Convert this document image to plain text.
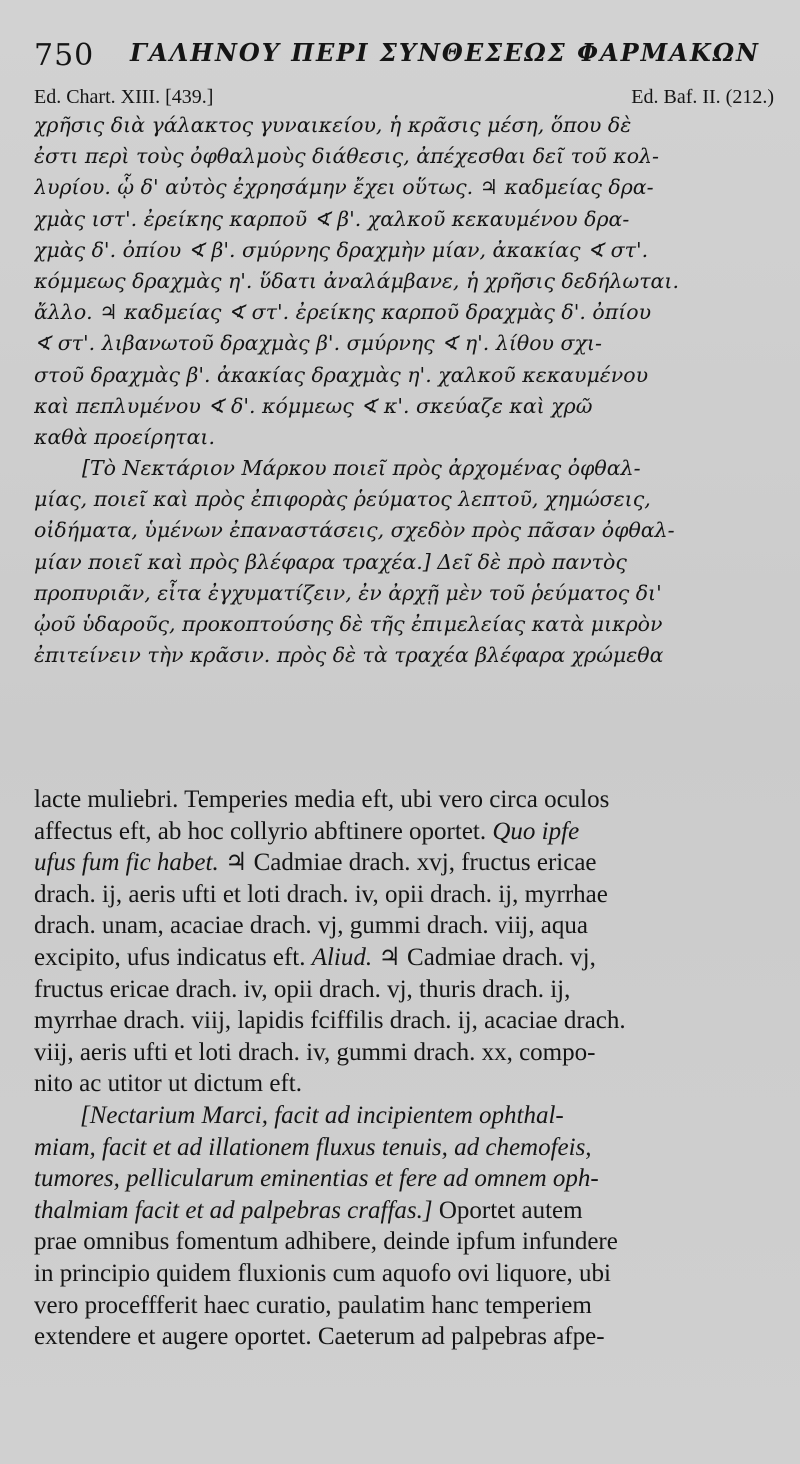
750 ΓΑΛΗΝΟΥ ΠΕΡΙ ΣΥΝΘΕΣΕΩΣ ΦΑΡΜΑΚΩΝ
Ed. Chart. XIII. [439.]	Ed. Baf. II. (212.)
χρῆσις διὰ γάλακτος γυναικείου, ἡ κρᾶσις μέση, ὅπου δὲ
ἐστι περὶ τοὺς ὀφθαλμοὺς διάθεσις, ἀπέχεσθαι δεῖ τοῦ κολ-
λυρίου. ᾧ δ' αὐτὸς ἐχρησάμην ἔχει οὕτως. ♃ καδμείας δρα-
χμὰς ιστ'. ἐρείκης καρποῦ ∢ β'. χαλκοῦ κεκαυμένου δρα-
χμὰς δ'. ὀπίου ∢ β'. σμύρνης δραχμὴν μίαν, ἀκακίας ∢ στ'.
κόμμεως δραχμὰς η'. ὕδατι ἀναλάμβανε, ἡ χρῆσις δεδήλωται.
ἄλλο. ♃ καδμείας ∢ στ'. ἐρείκης καρποῦ δραχμὰς δ'. ὀπίου
∢ στ'. λιβανωτοῦ δραχμὰς β'. σμύρνης ∢ η'. λίθου σχι-
στοῦ δραχμὰς β'. ἀκακίας δραχμὰς η'. χαλκοῦ κεκαυμένου
καὶ πεπλυμένου ∢ δ'. κόμμεως ∢ κ'. σκεύαζε καὶ χρῶ
καθὰ προείρηται.
[Τὸ Νεκτάριον Μάρκου ποιεῖ πρὸς ἀρχομένας ὀφθαλ-
μίας, ποιεῖ καὶ πρὸς ἐπιφορὰς ῥεύματος λεπτοῦ, χημώσεις,
οἰδήματα, ὑμένων ἐπαναστάσεις, σχεδὸν πρὸς πᾶσαν ὀφθαλ-
μίαν ποιεῖ καὶ πρὸς βλέφαρα τραχέα.] Δεῖ δὲ πρὸ παντὸς
προπυριᾶν, εἶτα ἐγχυματίζειν, ἐν ἀρχῇ μὲν τοῦ ῥεύματος δι'
ᾠοῦ ὑδαροῦς, προκοπτούσης δὲ τῆς ἐπιμελείας κατὰ μικρὸν
ἐπιτείνειν τὴν κρᾶσιν. πρὸς δὲ τὰ τραχέα βλέφαρα χρώμεθα
lacte muliebri. Temperies media eft, ubi vero circa oculos
affectus eft, ab hoc collyrio abftinere oportet. Quo ipfe
ufus fum fic habet. ♃ Cadmiae drach. xvj, fructus ericae
drach. ij, aeris ufti et loti drach. iv, opii drach. ij, myrrhae
drach. unam, acaciae drach. vj, gummi drach. viij, aqua
excipito, ufus indicatus eft. Aliud. ♃ Cadmiae drach. vj,
fructus ericae drach. iv, opii drach. vj, thuris drach. ij,
myrrhae drach. viij, lapidis fciffilis drach. ij, acaciae drach.
viij, aeris ufti et loti drach. iv, gummi drach. xx, compo-
nito ac utitor ut dictum eft.
[Nectarium Marci, facit ad incipientem ophthal-
miam, facit et ad illationem fluxus tenuis, ad chemofeis,
tumores, pellicularum eminentias et fere ad omnem oph-
thalmiam facit et ad palpebras craffas.] Oportet autem
prae omnibus fomentum adhibere, deinde ipfum infundere
in principio quidem fluxionis cum aquofo ovi liquore, ubi
vero proceffferit haec curatio, paulatim hanc temperiem
extendere et augere oportet. Caeterum ad palpebras afpe-
